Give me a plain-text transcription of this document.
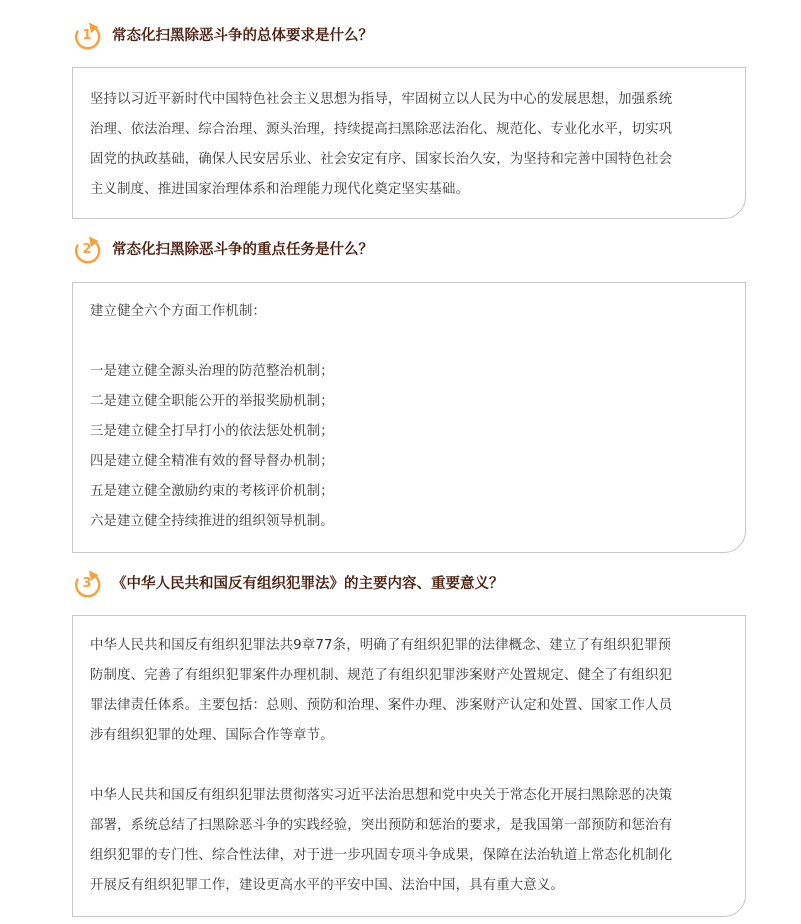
1 常态化扫黑除恶斗争的总体要求是什么？

坚持以习近平新时代中国特色社会主义思想为指导，牢固树立以人民为中心的发展思想，加强系统

治理、依法治理、综合治理、源头治理，持续提高扫黑除恶法治化、规范化、专业化水平，切实巩

固党的执政基础，确保人民安居乐业、社会安定有序、国家长治久安，为坚持和完善中国特色社会

主义制度、推进国家治理体系和治理能力现代化奠定坚实基础。

2 常态化扫黑除恶斗争的重点任务是什么？

建立健全六个方面工作机制：

一是建立健全源头治理的防范整治机制；

二是建立健全职能公开的举报奖励机制；

三是建立健全打早打小的依法惩处机制；

四是建立健全精准有效的督导督办机制；

五是建立健全激励约束的考核评价机制；

六是建立健全持续推进的组织领导机制。

3 《中华人民共和国反有组织犯罪法》的主要内容、重要意义？

中华人民共和国反有组织犯罪法共9章77条，明确了有组织犯罪的法律概念、建立了有组织犯罪预

防制度、完善了有组织犯罪案件办理机制、规范了有组织犯罪涉案财产处置规定、健全了有组织犯

罪法律责任体系。主要包括：总则、预防和治理、案件办理、涉案财产认定和处置、国家工作人员

涉有组织犯罪的处理、国际合作等章节。

中华人民共和国反有组织犯罪法贯彻落实习近平法治思想和党中央关于常态化开展扫黑除恶的决策

部署，系统总结了扫黑除恶斗争的实践经验，突出预防和惩治的要求，是我国第一部预防和惩治有

组织犯罪的专门性、综合性法律，对于进一步巩固专项斗争成果，保障在法治轨道上常态化机制化

开展反有组织犯罪工作，建设更高水平的平安中国、法治中国，具有重大意义。
